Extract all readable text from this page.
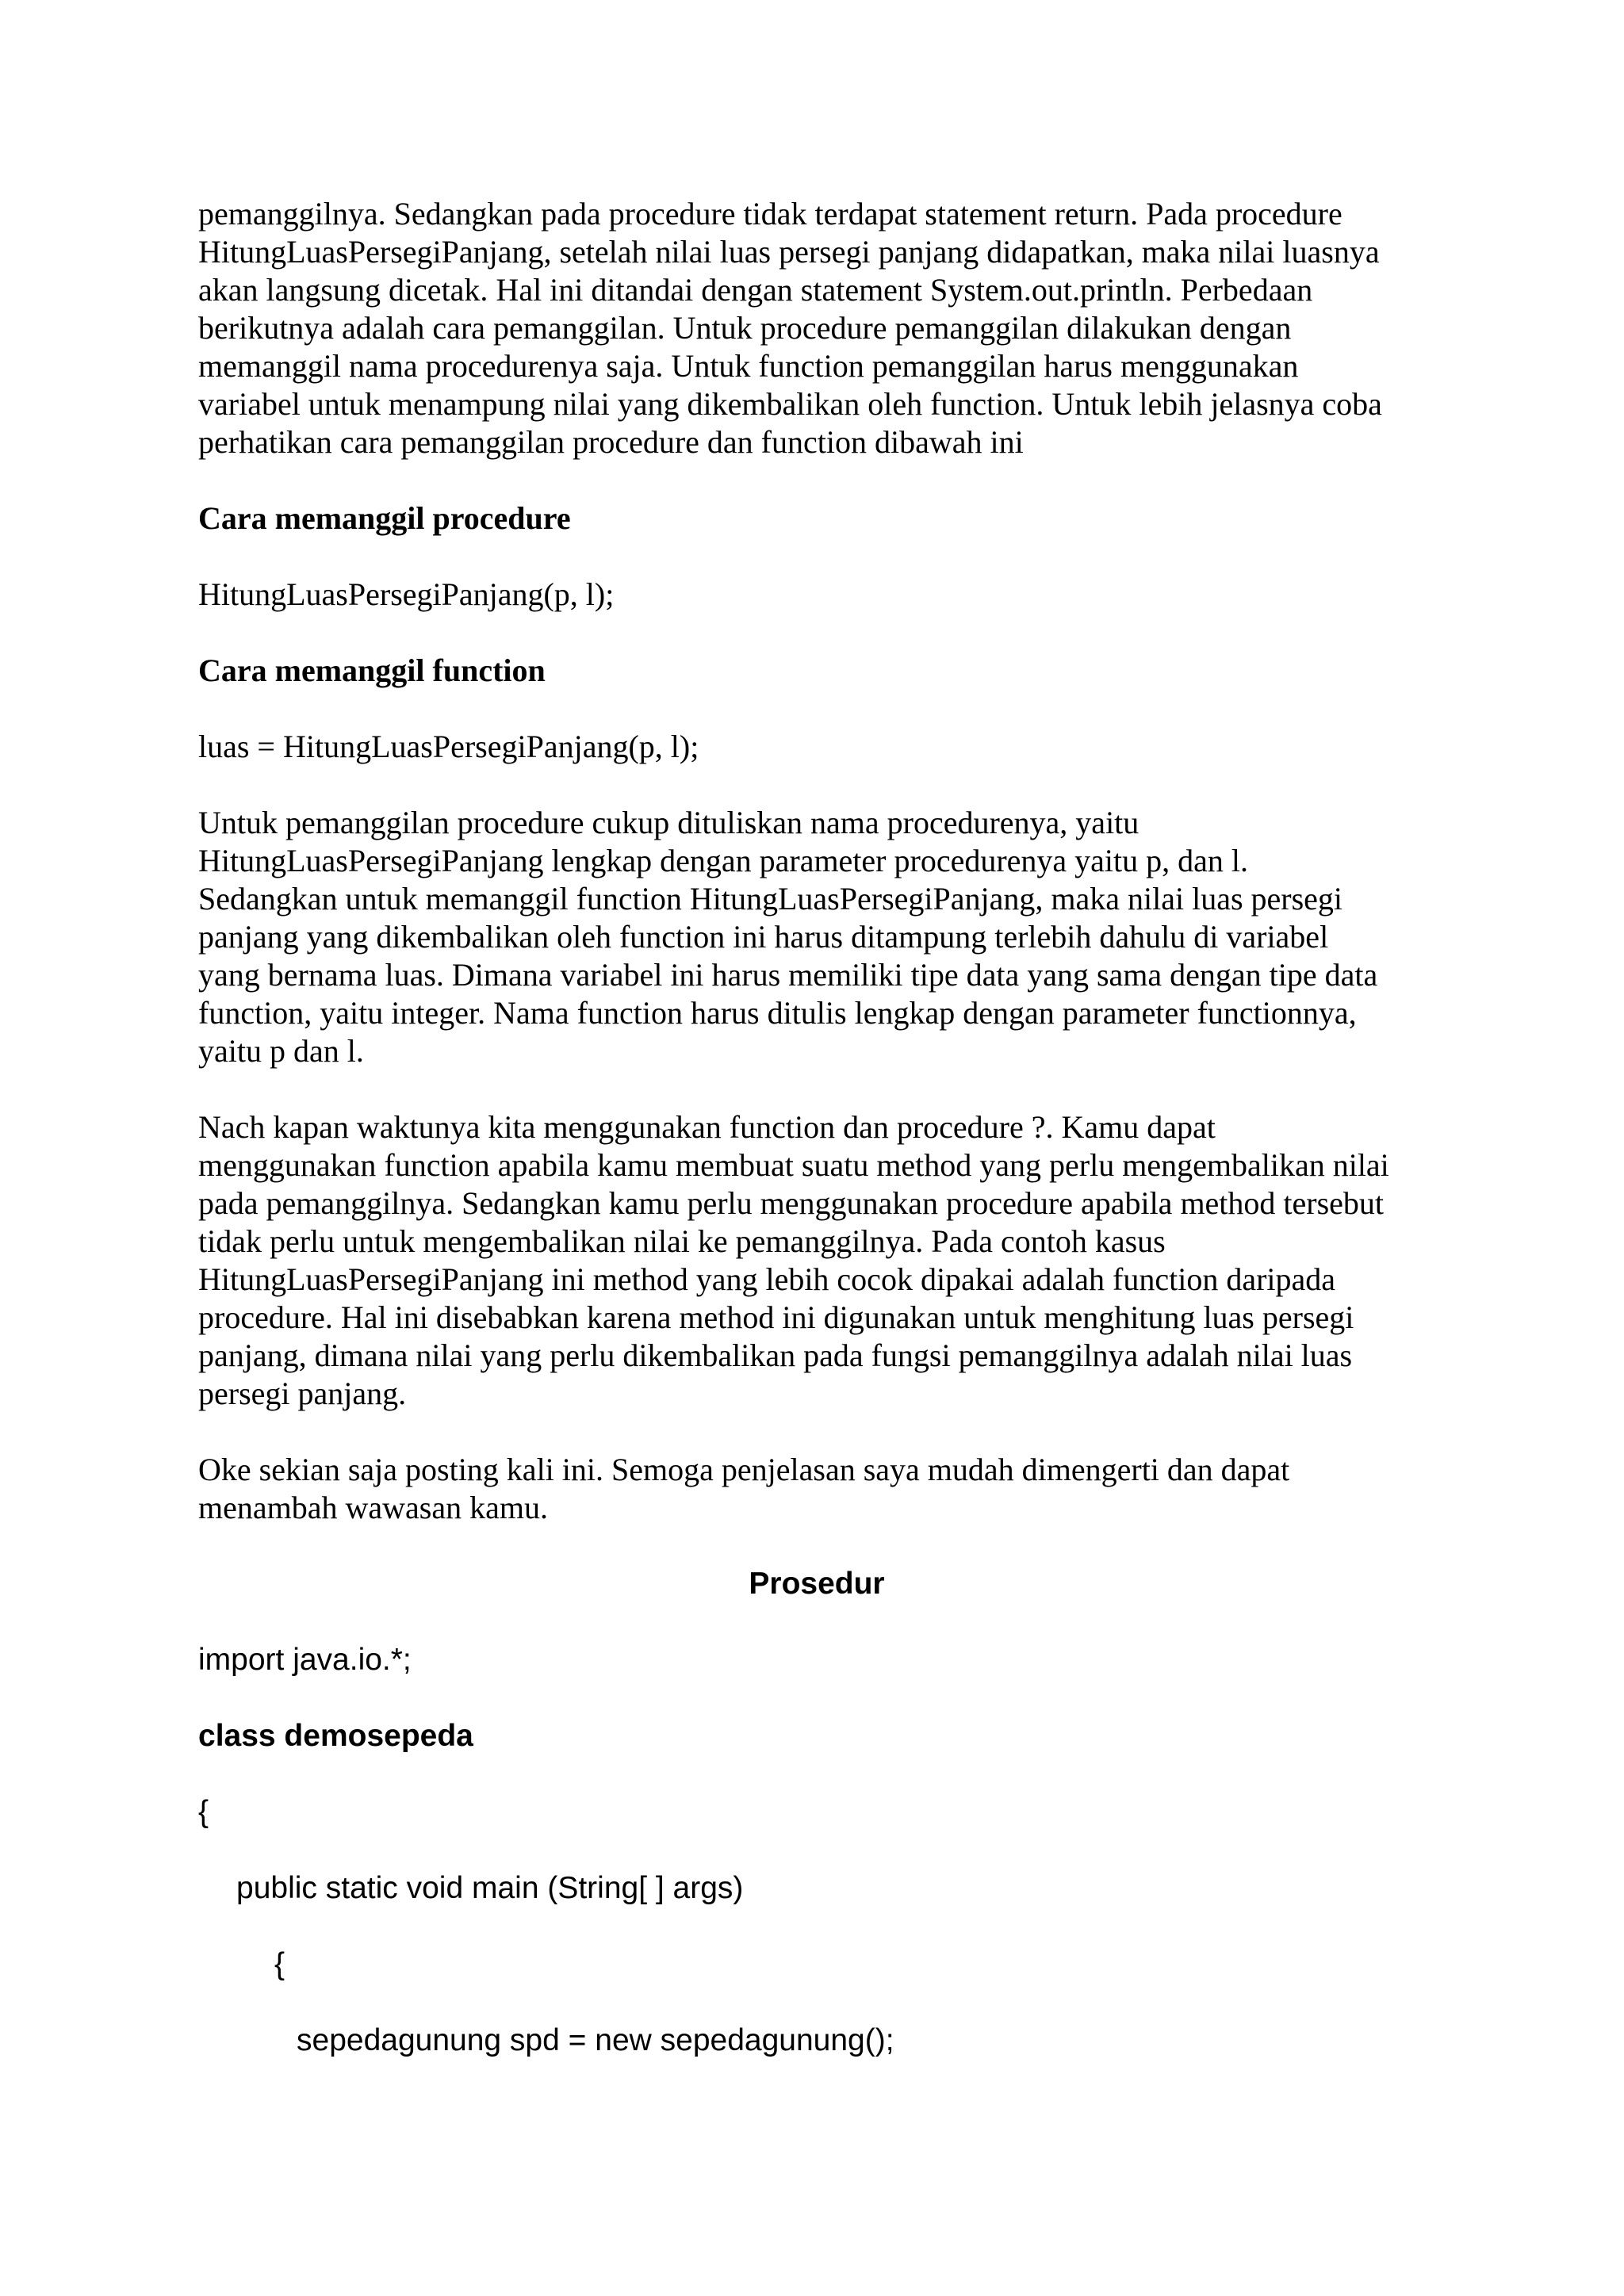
pemanggilnya. Sedangkan pada procedure tidak terdapat statement return. Pada procedure
HitungLuasPersegiPanjang, setelah nilai luas persegi panjang didapatkan, maka nilai luasnya
akan langsung dicetak. Hal ini ditandai dengan statement System.out.println. Perbedaan
berikutnya adalah cara pemanggilan. Untuk procedure pemanggilan dilakukan dengan
memanggil nama procedurenya saja. Untuk function pemanggilan harus menggunakan
variabel untuk menampung nilai yang dikembalikan oleh function. Untuk lebih jelasnya coba
perhatikan cara pemanggilan procedure dan function dibawah ini

Cara memanggil procedure

HitungLuasPersegiPanjang(p, l);

Cara memanggil function

luas = HitungLuasPersegiPanjang(p, l);

Untuk pemanggilan procedure cukup dituliskan nama procedurenya, yaitu
HitungLuasPersegiPanjang lengkap dengan parameter procedurenya yaitu p, dan l.
Sedangkan untuk memanggil function HitungLuasPersegiPanjang, maka nilai luas persegi
panjang yang dikembalikan oleh function ini harus ditampung terlebih dahulu di variabel
yang bernama luas. Dimana variabel ini harus memiliki tipe data yang sama dengan tipe data
function, yaitu integer. Nama function harus ditulis lengkap dengan parameter functionnya,
yaitu p dan l.

Nach kapan waktunya kita menggunakan function dan procedure ?. Kamu dapat
menggunakan function apabila kamu membuat suatu method yang perlu mengembalikan nilai
pada pemanggilnya. Sedangkan kamu perlu menggunakan procedure apabila method tersebut
tidak perlu untuk mengembalikan nilai ke pemanggilnya. Pada contoh kasus
HitungLuasPersegiPanjang ini method yang lebih cocok dipakai adalah function daripada
procedure. Hal ini disebabkan karena method ini digunakan untuk menghitung luas persegi
panjang, dimana nilai yang perlu dikembalikan pada fungsi pemanggilnya adalah nilai luas
persegi panjang.

Oke sekian saja posting kali ini. Semoga penjelasan saya mudah dimengerti dan dapat
menambah wawasan kamu.

Prosedur

import java.io.*;

class demosepeda

{

public static void main (String[ ] args)

{

sepedagunung spd = new sepedagunung();
